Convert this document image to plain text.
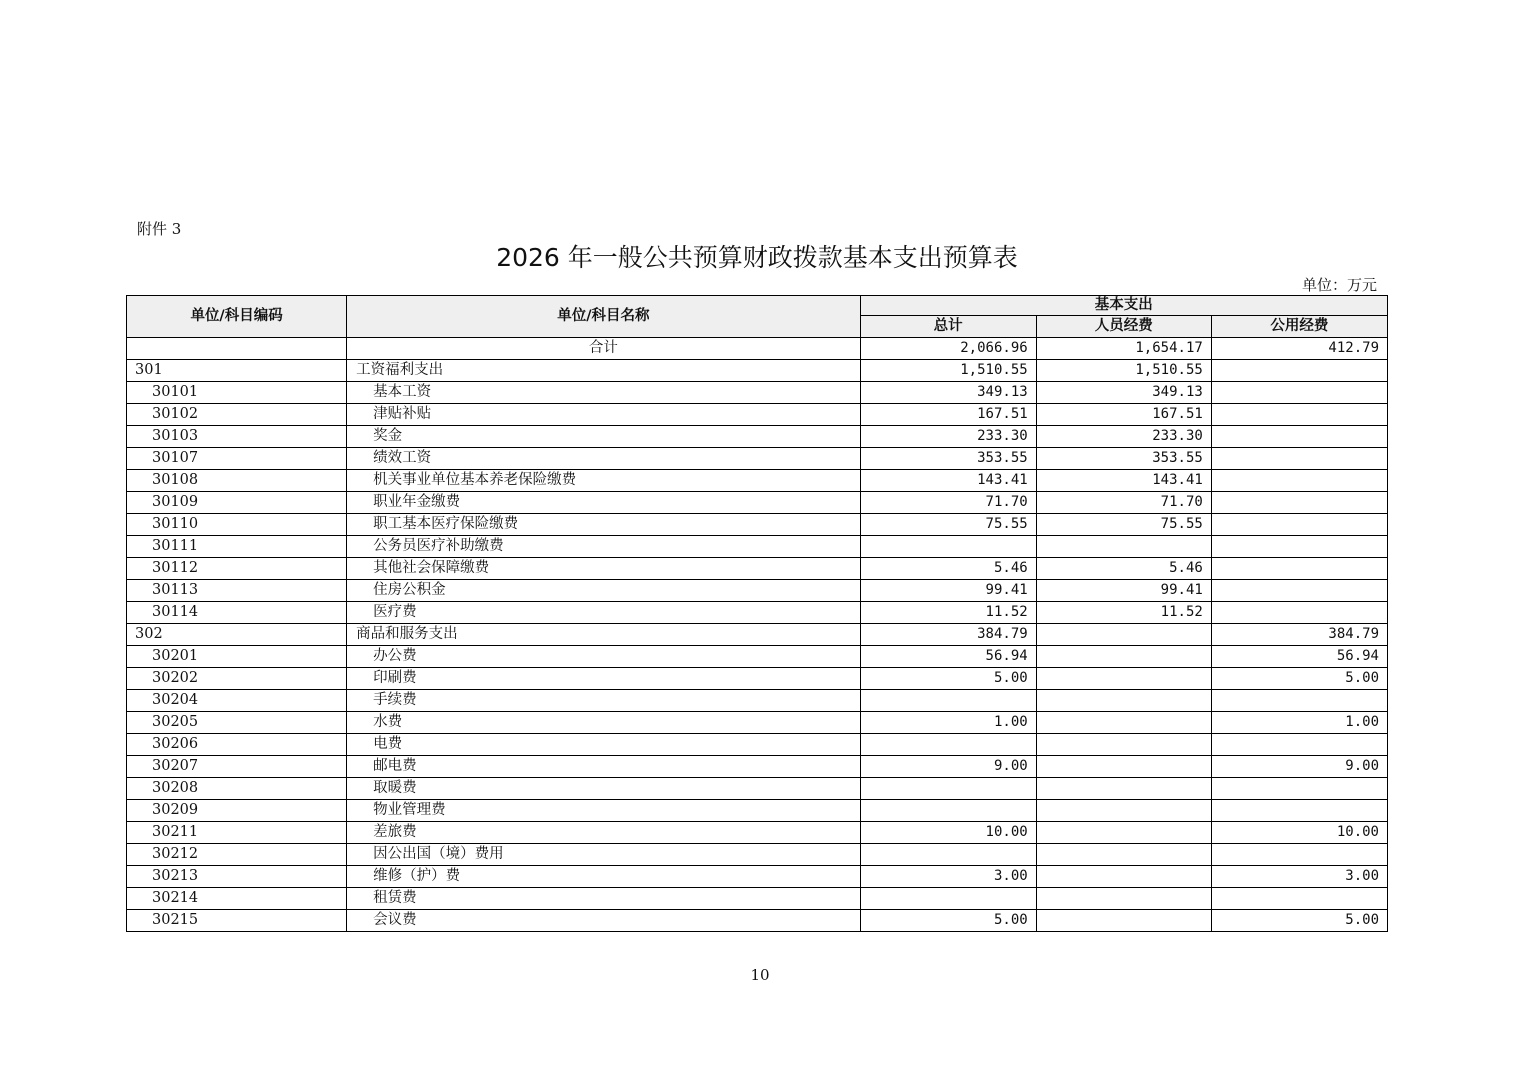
附件 3
2026 年一般公共预算财政拨款基本支出预算表
单位：万元
单位/科目编码	单位/科目名称	基本支出		
		总计	人员经费	公用经费
	合计	2,066.96	1,654.17	412.79
301	工资福利支出	1,510.55	1,510.55	
30101	基本工资	349.13	349.13	
30102	津贴补贴	167.51	167.51	
30103	奖金	233.30	233.30	
30107	绩效工资	353.55	353.55	
30108	机关事业单位基本养老保险缴费	143.41	143.41	
30109	职业年金缴费	71.70	71.70	
30110	职工基本医疗保险缴费	75.55	75.55	
30111	公务员医疗补助缴费			
30112	其他社会保障缴费	5.46	5.46	
30113	住房公积金	99.41	99.41	
30114	医疗费	11.52	11.52	
302	商品和服务支出	384.79		384.79
30201	办公费	56.94		56.94
30202	印刷费	5.00		5.00
30204	手续费			
30205	水费	1.00		1.00
30206	电费			
30207	邮电费	9.00		9.00
30208	取暖费			
30209	物业管理费			
30211	差旅费	10.00		10.00
30212	因公出国（境）费用			
30213	维修（护）费	3.00		3.00
30214	租赁费			
30215	会议费	5.00		5.00
10
